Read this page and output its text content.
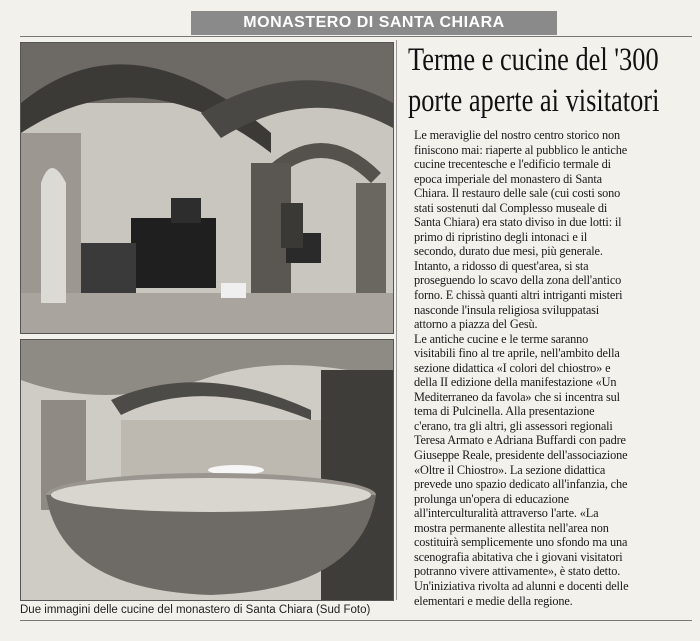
MONASTERO DI SANTA CHIARA
Due immagini delle cucine del monastero di Santa Chiara (Sud Foto)
Terme e cucine del '300
porte aperte ai visitatori
Le meraviglie del nostro centro storico non
finiscono mai: riaperte al pubblico le antiche
cucine trecentesche e l'edificio termale di
epoca imperiale del monastero di Santa
Chiara. Il restauro delle sale (cui costi sono
stati sostenuti dal Complesso museale di
Santa Chiara) era stato diviso in due lotti: il
primo di ripristino degli intonaci e il
secondo, durato due mesi, più generale.
Intanto, a ridosso di quest'area, si sta
proseguendo lo scavo della zona dell'antico
forno. E chissà quanti altri intriganti misteri
nasconde l'insula religiosa sviluppatasi
attorno a piazza del Gesù.
Le antiche cucine e le terme saranno
visitabili fino al tre aprile, nell'ambito della
sezione didattica «I colori del chiostro» e
della II edizione della manifestazione «Un
Mediterraneo da favola» che si incentra sul
tema di Pulcinella. Alla presentazione
c'erano, tra gli altri, gli assessori regionali
Teresa Armato e Adriana Buffardi con padre
Giuseppe Reale, presidente dell'associazione
«Oltre il Chiostro». La sezione didattica
prevede uno spazio dedicato all'infanzia, che
prolunga un'opera di educazione
all'interculturalità attraverso l'arte. «La
mostra permanente allestita nell'area non
costituirà semplicemente uno sfondo ma una
scenografia abitativa che i giovani visitatori
potranno vivere attivamente», è stato detto.
Un'iniziativa rivolta ad alunni e docenti delle
elementari e medie della regione.
